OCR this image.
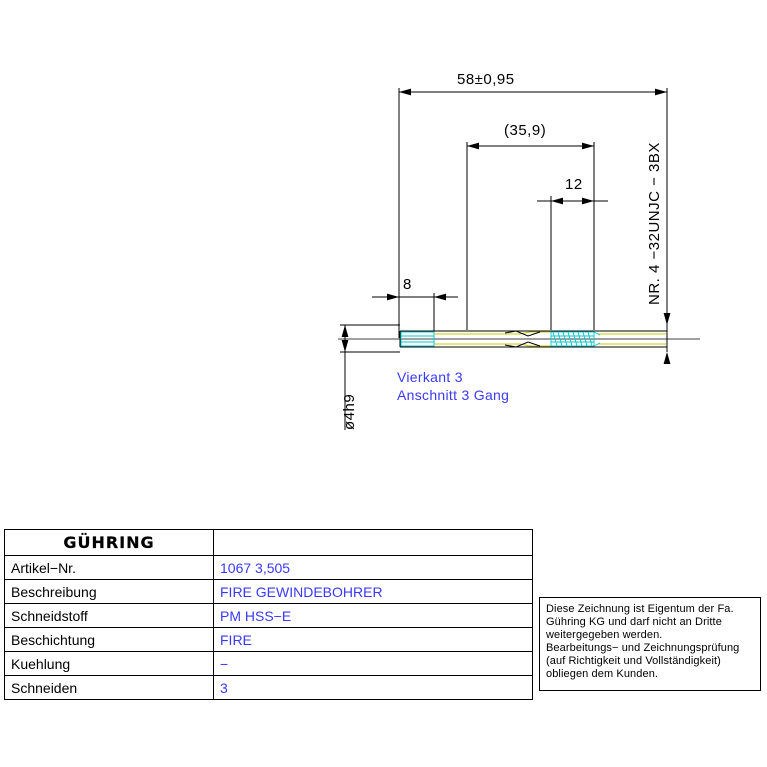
58±0,95
(35,9)
12
8
ø4h9
NR. 4 −32UNJC − 3BX
Vierkant 3
Anschnitt 3 Gang
GÜHRING	
Artikel−Nr.	1067 3,505
Beschreibung	FIRE GEWINDEBOHRER
Schneidstoff	PM HSS−E
Beschichtung	FIRE
Kuehlung	−
Schneiden	3

Diese Zeichnung ist Eigentum der Fa.

Gühring KG und darf nicht an Dritte

weitergegeben werden.

Bearbeitungs− und Zeichnungsprüfung

(auf Richtigkeit und Vollständigkeit)

obliegen dem Kunden.
